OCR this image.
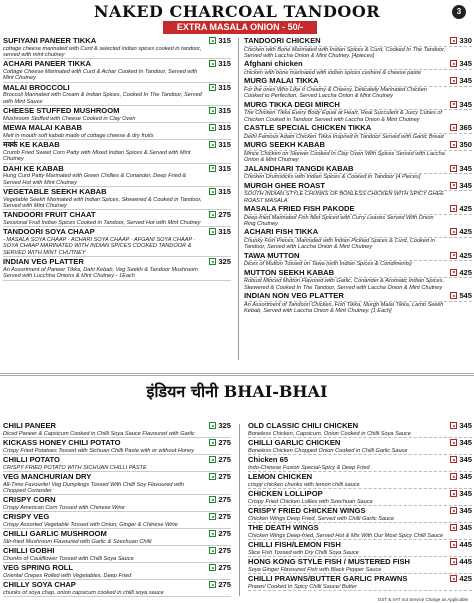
NAKED CHARCOAL TANDOOR	3
EXTRA MASALA ONION - 50/-
SUFIYANI PANEER TIKKA	315
cottage cheese marinated with Curd & selected indian spices cooked in tandoor, served with mint chutney
ACHARI PANEER TIKKA	315
Cottage Cheese Marinated with Curd & Achar Cooked In Tandoor, Served with Mint Chutney
MALAI BROCCOLI	315
Broccoli Marinated with Cream & Indian Spices, Cooked In The Tandoor, Served with Mint Sauce
CHEESE STUFFED MUSHROOM	315
Mushroom Stuffed with Cheese Cooked in Clay Oven
MEWA MALAI KABAB	315
Melt in mouth soft kabab made of cottage cheese & dry fruits
मक्के KE KABAB	315
Crumb Fried Sweet Corn Patty with Mixed Indian Spices & Served with Mint Chutney
DAHI KE KABAB	315
Hung Curd Patty Marinated with Green Chillies & Coriander, Deep Fried & Served Hot with Mint Chutney
VEGETABLE SEEKH KABAB	315
Vegetable Seekh Marinated with Indian Spices, Skewered & Cooked in Tandoor, Served with Mint Chutney
TANDOORI FRUIT CHAAT	275
Sessional Fruit Indian Spices Cooked in Tandoor, Served Hot with Mint Chutney
TANDOORI SOYA CHAAP	315
- MASALA SOYA CHAAP · ACHARI SOYA CHAAP · AFGANI SOYA CHAAP · SOYA CHAAP MARINATED WITH INDIAN SPICES COOKED TANDOOR & SERVED WITH MINT CHUTNEY
INDIAN VEG PLATTER	325
An Assortment of Paneer Tikka, Dahi Kebab, Veg Seekh & Tandoor Mushroom Served with Lucchha Onions & Mint Chutney - 1Each
TANDOORI CHICKEN	330
Chicken with Bone Marinated with Indian Spices & Curd, Cooked In The Tandoor, Served with Laccha Onion & Mint Chutney. [4pieces]
Afghani chicken	345
chicken with bone marinated with indian spices cashew & cheese paste
MURG MALAI TIKKA	345
For the ones Who Like It Creamy & Cheesy, Delicately Marinated Chicken Cooked to Perfection, Served Laccha Onion & Mint Chutney
MURG TIKKA DEGI MIRCH	345
The Chicken Tikka Every Body Equal at Heart, Real Succulent & Juicy Cubes of Chicken Cooked in Tandoor Served with Laccha Onion & Mint Chutney
CASTLE SPECIAL CHICKEN TIKKA	365
Delhi Famous Adam Chicken Tikka Inspired in Tandoor Served with Garlic Bread
MURG SEEKH KABAB	350
Mince Chicken on Skewer Cooked In Clay Oven With Spices Served with Laccha Onion & Mint Chutney
JALANDHARI TANGDI KABAB	345
Chicken Drumsticks with Indian Spices & Cooked In Tandoor [4 Pieces]
MURGH GHEE ROAST	345
SOUTH INDIAN STYLE CHUNKS OF BONLESS CHICKEN WITH SPICY GHEE ROAST MASALA
MASALA FRIED FISH PAKODE	425
Deep-fried Marinated Fish fillet Spiced with Curry Leaves Served With Onion Ring Chutney
ACHARI FISH TIKKA	425
Chunky Fish Pieces, Marinated with Indian Pickled Spices & Curd, Cooked in Tandoor, Served with Laccha Onion & Mint Chutney
TAWA MUTTON	425
Dices of Mutton Tossed on Tawa (with Indian Spices & Condiments)
MUTTON SEEKH KABAB	425
Robust Minced Mutton Flavored with Garlic, Coriander & Aromatic Indian Spices, Skewered & Cooked In The Tandoor, Served with Laccha Onion & Mint Chutney
INDIAN NON VEG PLATTER	545
An Assortment of Tandoori Chicken, Fish Tikka, Murgh Malai Tikka, Lamb Seekh Kebab, Served with Laccha Onion & Mint Chutney. [1 Each]
इंडियन चीनी BHAI-BHAI
CHILI PANEER	325
Diced Paneer & Capsicum Cooked in Chilli Soya Sauce Flavoured with Garlic
KICKASS HONEY CHILI POTATO	275
Crispy Fried Potatoes Tossed with Sichuan Chilli Paste with or without Honey
CHILLI POTATO	275
CRISPY FRIED POTATO WITH SICHUAN CHILLI PASTE
VEG MANCHURIAN DRY	275
All-Time Favourite! Veg Dumplings Tossed With Chilli Soy Flavoured with Chopped Coriander
CRISPY CORN	275
Crispy American Corn Tossed with Chinese Wine
CRISPY VEG	275
Crispy Assorted Vegetable Tossed with Onion, Ginger & Chinese Wine
CHILLI GARLIC MUSHROOM	275
Stir-fried Mushroom Flavoured with Garlic & Szechuan Chilli
CHILLI GOBHI	275
Chunks of Cauliflower Tossed with Chilli Soya Sauce
VEG SPRING ROLL	275
Oriental Crepes Rolled with Vegetables, Deep Fried
CHILLY SOYA CHAP	275
chunks of soya chap, onion capsicum cooked in chilli soya sauce
OLD CLASSIC CHILI CHICKEN	345
Boneless Chicken, Capsicum, Onion Cooked in Chilli Soya Sauce
CHILLI GARLIC CHICKEN	345
Boneless Chicken Chopped Onion Cooked in Chilli Garlic Sauce
Chicken 65	345
Indo-Chinese Fusion Special-Spicy & Deep Fried
LEMON CHICKEN	345
crispy chicken chunks with lemon chilli sauce
CHICKEN LOLLIPOP	345
Crispy Fried Chicken Lollies with Szechuan Sauce
CRISPY FRIED CHICKEN WINGS	345
Chicken Wings Deep Fried, Served with Chilli Garlic Sauce
THE DEATH WINGS	345
Chicken Wings Deep-fried, Served Hot & Mix With Our Most Spicy Chilli Sauce
CHILLI FISH/LEMON FISH	445
Slice Fish Tossed with Dry Chilli Soya Sauce
HONG KONG STYLE FISH / MUSTERED FISH	445
Soya Ginger Flavoured Fish with Black Pepper Sauce
CHILLI PRAWNS/BUTTER GARLIC PRAWNS	425
Prawn/ Cooked In Spicy Chilli Sauce/ Butter
GST & VAT not Service Charge as Applicable
